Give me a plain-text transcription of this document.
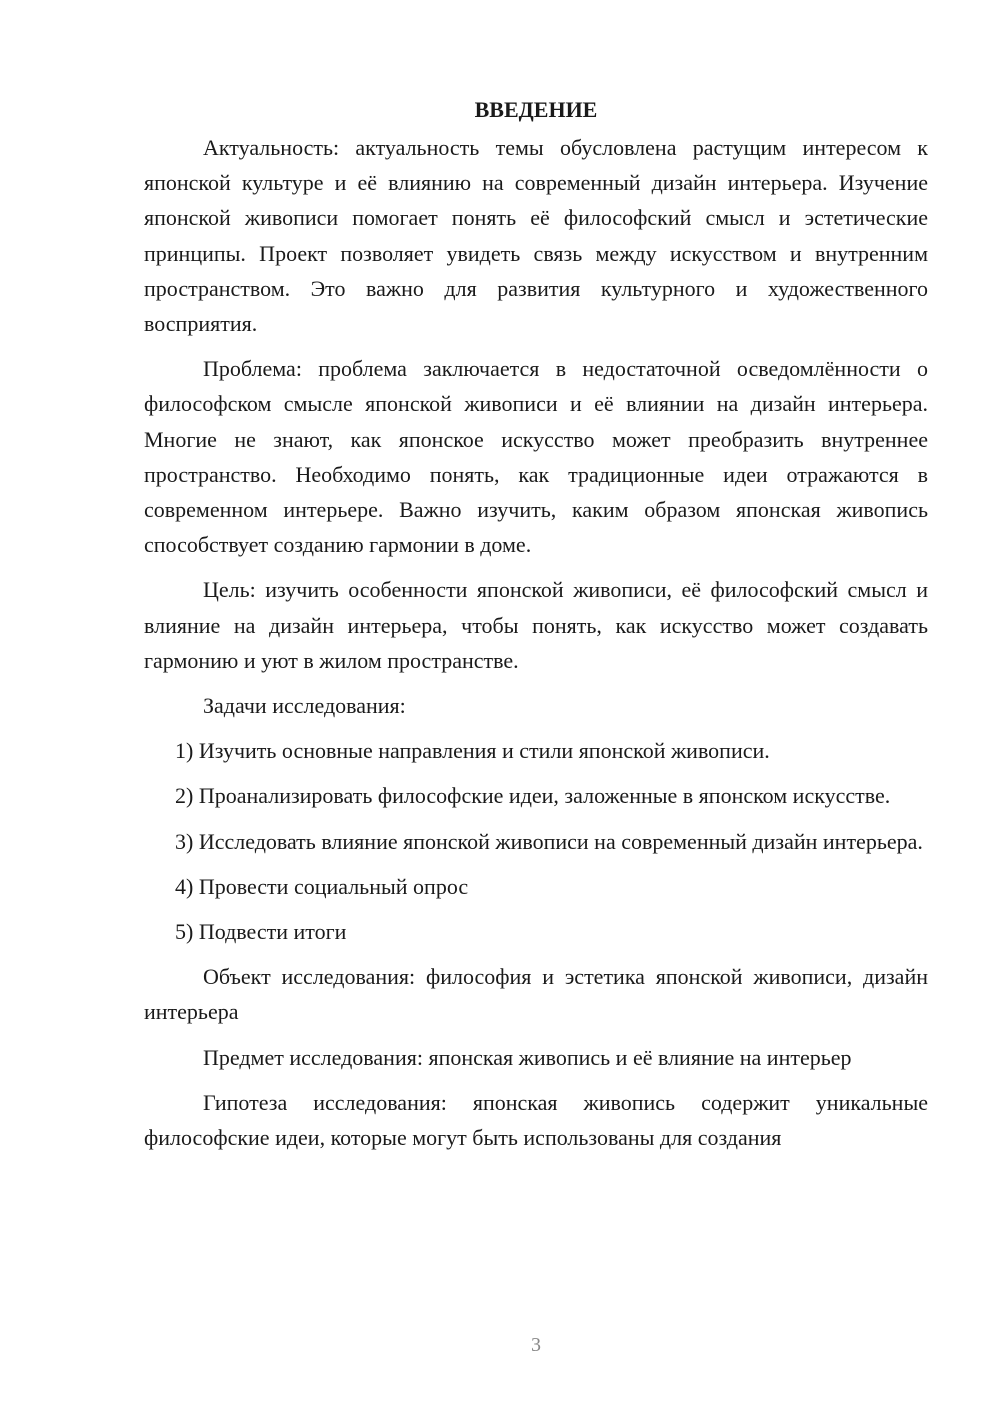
ВВЕДЕНИЕ

Актуальность: актуальность темы обусловлена растущим интересом к японской культуре и её влиянию на современный дизайн интерьера. Изучение японской живописи помогает понять её философский смысл и эстетические принципы. Проект позволяет увидеть связь между искусством и внутренним пространством. Это важно для развития культурного и художественного восприятия.

Проблема: проблема заключается в недостаточной осведомлённости о философском смысле японской живописи и её влиянии на дизайн интерьера. Многие не знают, как японское искусство может преобразить внутреннее пространство. Необходимо понять, как традиционные идеи отражаются в современном интерьере. Важно изучить, каким образом японская живопись способствует созданию гармонии в доме.

Цель: изучить особенности японской живописи, её философский смысл и влияние на дизайн интерьера, чтобы понять, как искусство может создавать гармонию и уют в жилом пространстве.

Задачи исследования:

1) Изучить основные направления и стили японской живописи.

2) Проанализировать философские идеи, заложенные в японском искусстве.

3) Исследовать влияние японской живописи на современный дизайн интерьера.

4) Провести социальный опрос

5) Подвести итоги

Объект исследования: философия и эстетика японской живописи, дизайн интерьера

Предмет исследования: японская живопись и её влияние на интерьер

Гипотеза исследования: японская живопись содержит уникальные философские идеи, которые могут быть использованы для создания

3
